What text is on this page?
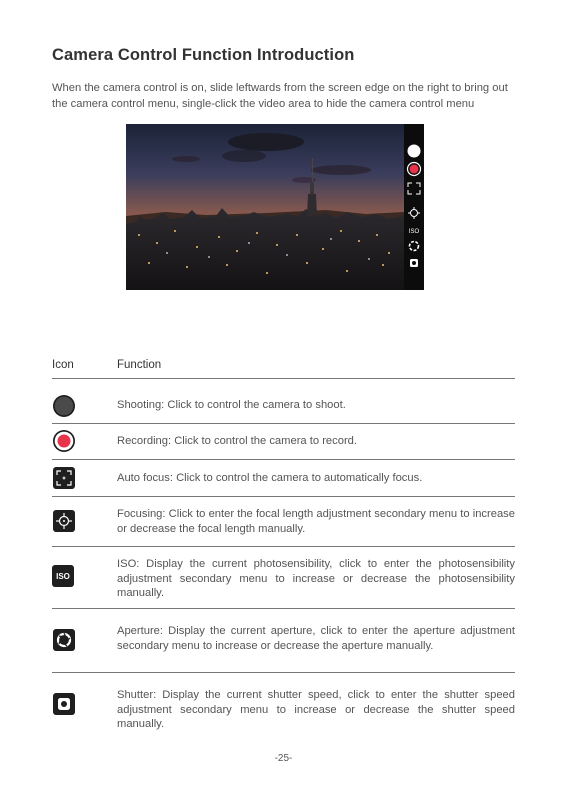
Camera Control Function Introduction
When the camera control is on, slide leftwards from the screen edge on the right to bring out the camera control menu, single-click the video area to hide the camera control menu
ISO
Icon	Function
Shooting: Click to control the camera to shoot.
Recording: Click to control the camera to record.
Auto focus: Click to control the camera to automatically focus.
Focusing: Click to enter the focal length adjustment secondary menu to increase or decrease the focal length manually.
ISO
ISO: Display the current photosensibility, click to enter the photosensibility adjustment secondary menu to increase or decrease the photosensibility manually.
Aperture: Display the current aperture, click to enter the aperture adjustment secondary menu to increase or decrease the aperture manually.
Shutter: Display the current shutter speed, click to enter the shutter speed adjustment secondary menu to increase or decrease the shutter speed manually.
-25-
